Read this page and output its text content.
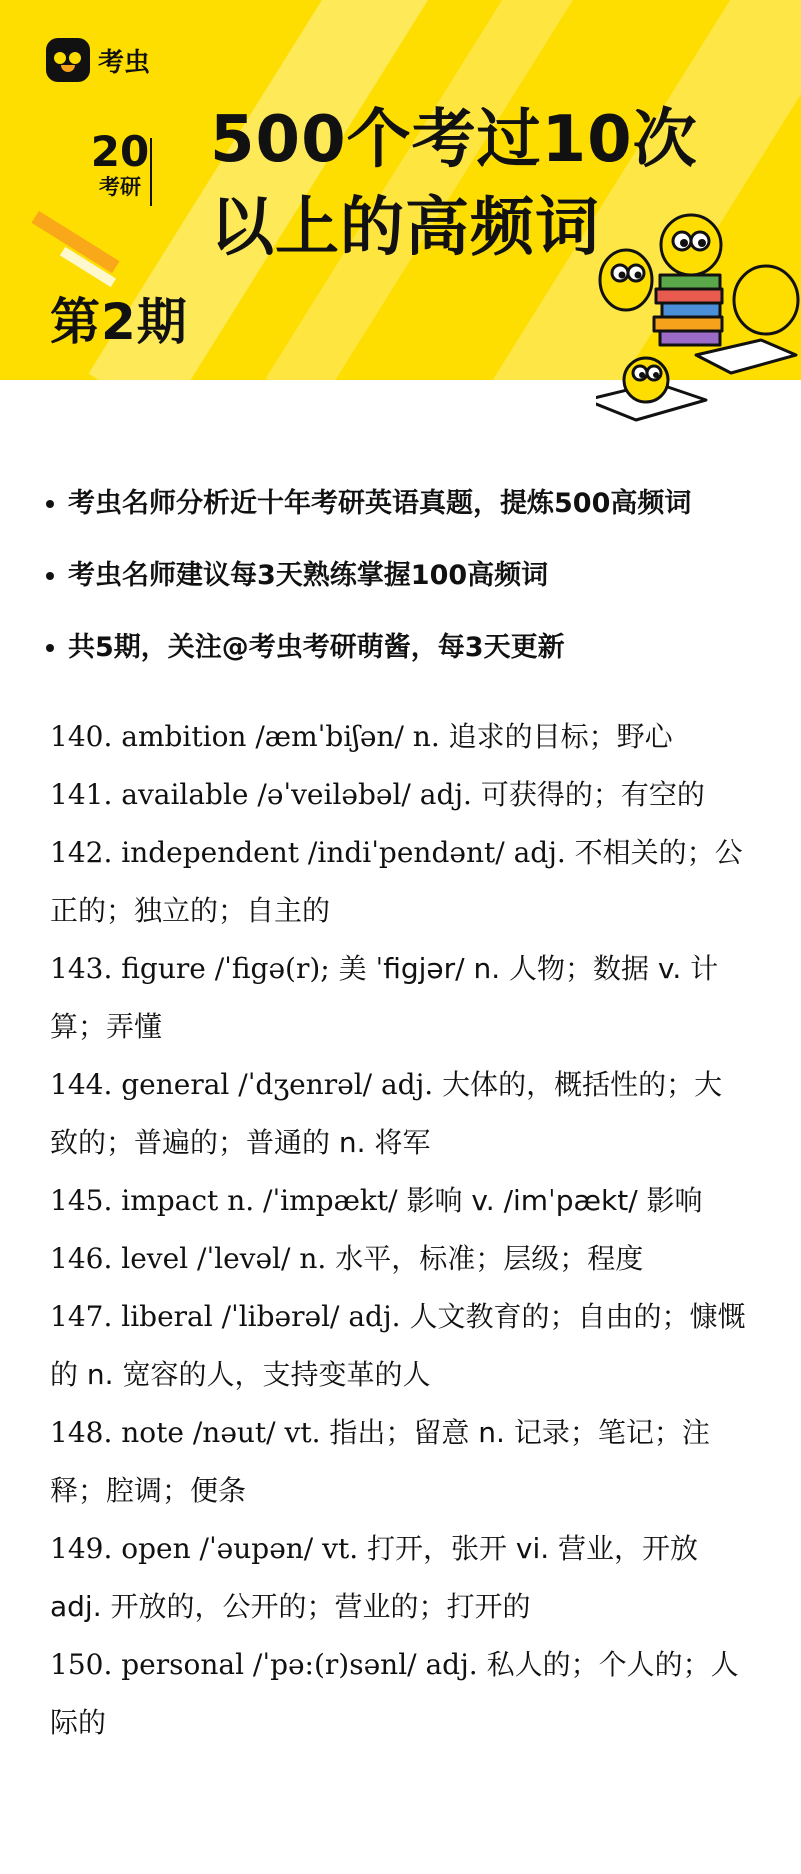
考虫
20
考研
500个考过10次
以上的高频词
第2期
考虫名师分析近十年考研英语真题，提炼500高频词
考虫名师建议每3天熟练掌握100高频词
共5期，关注@考虫考研萌酱，每3天更新
140. ambition /æmˈbiʃən/ n. 追求的目标；野心
141. available /əˈveiləbəl/ adj. 可获得的；有空的
142. independent /indiˈpendənt/ adj. 不相关的；公正的；独立的；自主的
143. figure /ˈfigə(r); 美 ˈfigjər/ n. 人物；数据 v. 计算；弄懂
144. general /ˈdʒenrəl/ adj. 大体的，概括性的；大致的；普遍的；普通的 n. 将军
145. impact n. /ˈimpækt/ 影响 v. /imˈpækt/ 影响
146. level /ˈlevəl/ n. 水平，标准；层级；程度
147. liberal /ˈlibərəl/ adj. 人文教育的；自由的；慷慨的 n. 宽容的人，支持变革的人
148. note /nəut/ vt. 指出；留意 n. 记录；笔记；注释；腔调；便条
149. open /ˈəupən/ vt. 打开，张开 vi. 营业，开放 adj. 开放的，公开的；营业的；打开的
150. personal /ˈpə:(r)sənl/ adj. 私人的；个人的；人际的
